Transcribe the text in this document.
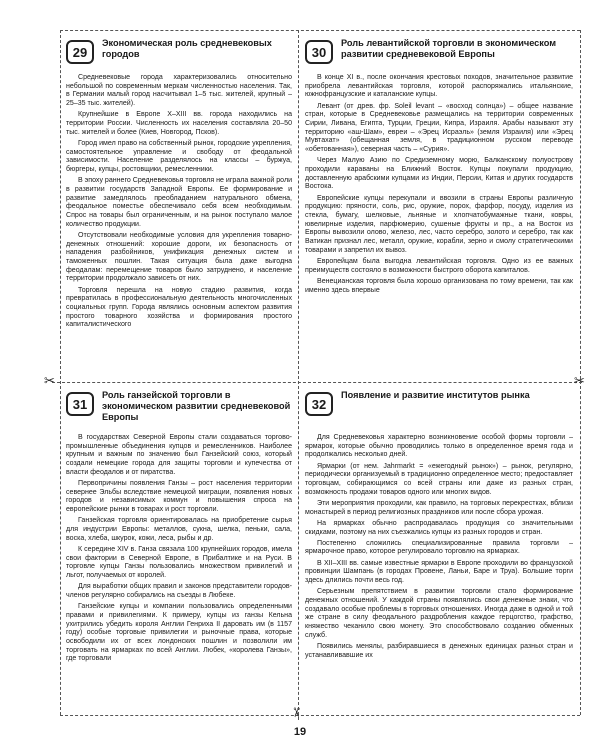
✂	✂
✂
29
Экономическая роль средневековых городов

Средневековые города характеризовались относительно небольшой по современным меркам численностью населения. Так, в Германии малый город насчитывал 1–5 тыс. жителей, крупный – 25–35 тыс. жителей).

Крупнейшие в Европе X–XIII вв. города находились на территории России. Численность их населения составляла 20–50 тыс. жителей и более (Киев, Новгород, Псков).

Город имел право на собственный рынок, городские укрепления, самостоятельное управление и свободу от феодальной зависимости. Население разделялось на классы – буржуа, бюргеры, купцы, ростовщики, ремесленники.

В эпоху раннего Средневековья торговля не играла важной роли в развитии государств Западной Европы. Ее формирование и развитие замедлялось преобладанием натурального обмена, феодальное поместье обеспечивало себя всем необходимым. Спрос на товары был ограниченным, и на рынок поступало малое количество продукции.

Отсутствовали необходимые условия для укрепления товарно-денежных отношений: хорошие дороги, их безопасность от нападения разбойников, унификация денежных систем и таможенных пошлин. Такая ситуация была даже выгодна феодалам: перемещение товаров было затруднено, и население территории продолжало зависеть от них.

Торговля перешла на новую стадию развития, когда превратилась в профессиональную деятельность многочисленных социальных групп. Города являлись основным аспектом развития простого товарного хозяйства и формирования простого капиталистического

30
Роль левантийской торговли в экономическом развитии средневековой Европы

В конце XI в., после окончания крестовых походов, значительное развитие приобрела левантийская торговля, которой распоряжались итальянские, южнофранцузские и каталанские купцы.

Левант (от древ. фр. Soleil levant – «восход солнца») – общее название стран, которые в Средневековье размещались на территории современных Сирии, Ливана, Египта, Турции, Греции, Кипра, Израиля. Арабы называют эту территорию «аш-Шам», евреи – «Эрец Исраэль» (земля Израиля) или «Эрец Мувтахат» (обещанная земля, в традиционном русском переводе «обетованная»), северная часть – «Сурия».

Через Малую Азию по Средиземному морю, Балканскому полуострову проходили караваны на Ближний Восток. Купцы покупали продукцию, доставленную арабскими купцами из Индии, Персии, Китая и других государств Востока.

Европейские купцы перекупали и ввозили в страны Европы различную продукцию: пряности, соль, рис, оружие, порох, фарфор, посуду, изделия из стекла, бумагу, шелковые, льняные и хлопчатобумажные ткани, ковры, ювелирные изделия, парфюмерию, сушеные фрукты и пр., а на Восток из Европы вывозили олово, железо, лес, часто серебро, золото и серебро, так как Ватикан признал лес, металл, оружие, корабли, зерно и смолу стратегическими товарами и запретил их вывоз.

Европейцам была выгодна левантийская торговля. Одно из ее важных преимуществ состояло в возможности быстрого оборота капиталов.

Венецианская торговля была хорошо организована по тому времени, так как именно здесь впервые

31
Роль ганзейской торговли в экономическом развитии средневековой Европы

В государствах Северной Европы стали создаваться торгово-промышленные объединения купцов и ремесленников. Наиболее крупным и важным по значению был Ганзейский союз, который создали немецкие города для защиты торговли и купечества от власти феодалов и от пиратства.

Первопричины появления Ганзы – рост населения территории севернее Эльбы вследствие немецкой миграции, появления новых городов и независимых коммун и повышения спроса на европейские рынки в товарах и рост торговли.

Ганзейская торговля ориентировалась на приобретение сырья для индустрии Европы: металлов, сукна, шелка, пеньки, сала, воска, хлеба, шкурок, кожи, леса, рыбы и др.

К середине XIV в. Ганза связала 100 крупнейших городов, имела свои фактории в Северной Европе, в Прибалтике и на Руси. В торговле купцы Ганзы пользовались множеством привилегий и льгот, получаемых от королей.

Для выработки общих правил и законов представители городов-членов регулярно собирались на съезды в Любеке.

Ганзейские купцы и компании пользовались определенными правами и привилегиями. К примеру, купцы из ганзы Кельна ухитрились убедить короля Англии Генриха II даровать им (в 1157 году) особые торговые привилегии и рыночные права, которые освободили их от всех лондонских пошлин и позволили им торговать на ярмарках по всей Англии. Любек, «королева Ганзы», где торговали

32
Появление и развитие институтов рынка

Для Средневековья характерно возникновение особой формы торговли – ярмарок, которые обычно проводились только в определенное время года и продолжались несколько дней.

Ярмарки (от нем. Jahrmarkt = «ежегодный рынок») – рынок, регулярно, периодически организуемый в традиционно определенное место; предоставляет торговцам, собирающимся со всей страны или даже из разных стран, возможность продажи товаров одного или многих видов.

Эти мероприятия проходили, как правило, на торговых перекрестках, вблизи монастырей в период религиозных праздников или после сбора урожая.

На ярмарках обычно распродавалась продукция со значительными скидками, поэтому на них съезжались купцы из разных городов и стран.

Постепенно сложились специализированные правила торговли – ярмарочное право, которое регулировало торговлю на ярмарках.

В XII–XIII вв. самые известные ярмарки в Европе проходили во французской провинции Шампань (в городах Провене, Ланьи, Баре и Труа). Большие торги здесь длились почти весь год.

Серьезным препятствием в развитии торговли стало формирование денежных отношений. У каждой страны появлялись свои денежные знаки, что создавало особые проблемы в торговых отношениях. Иногда даже в одной и той же стране в силу феодального раздробления каждое герцогство, графство, княжество чеканило свою монету. Это способствовало созданию обменных служб.

Появились менялы, разбиравшиеся в денежных единицах разных стран и устанавливавшие их

19
